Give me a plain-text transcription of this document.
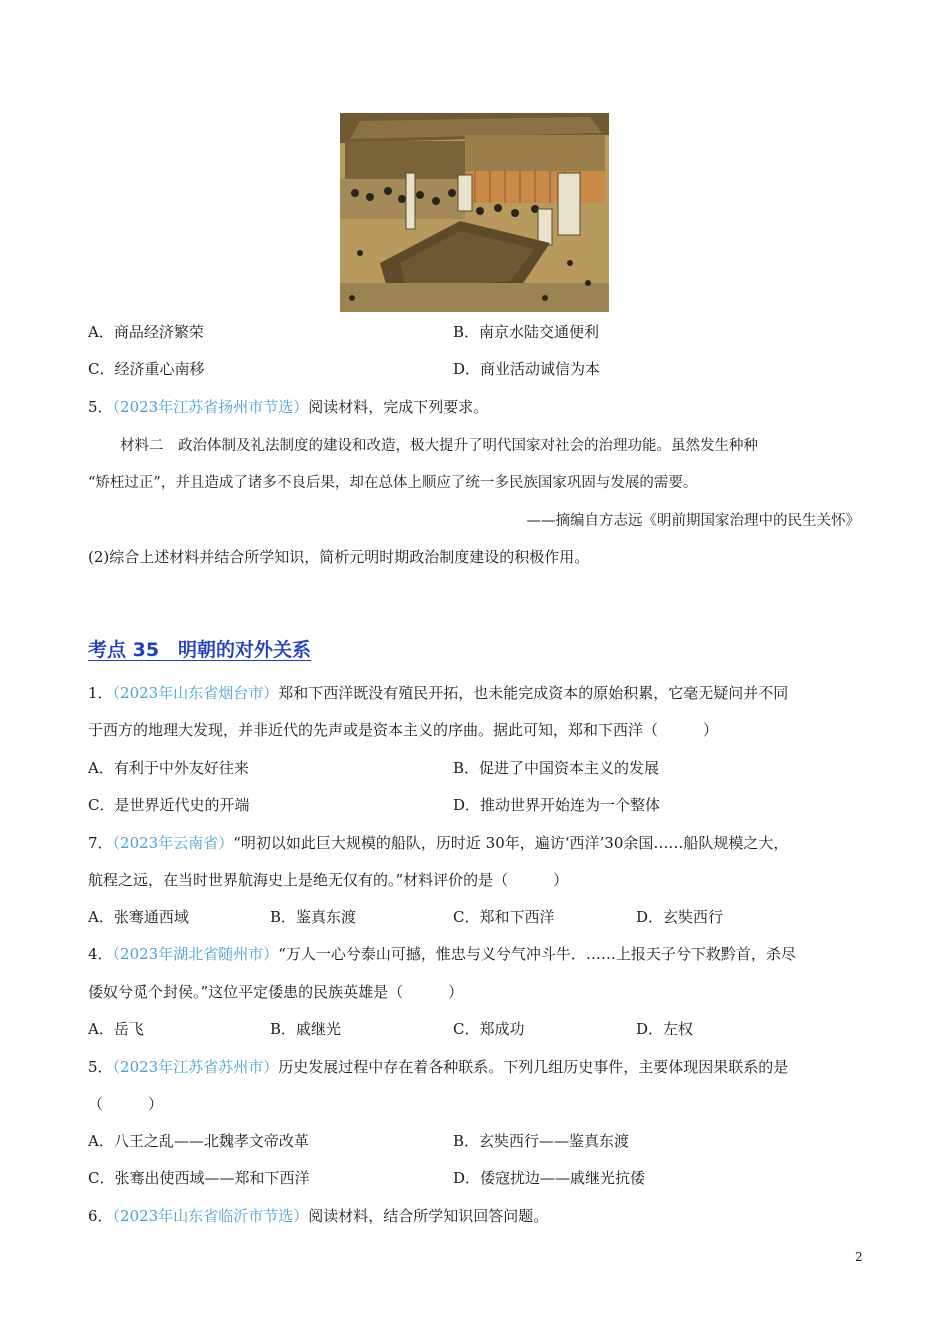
A．商品经济繁荣	B．南京水陆交通便利
C．经济重心南移	D．商业活动诚信为本
5．（2023年江苏省扬州市节选）阅读材料，完成下列要求。
材料二　政治体制及礼法制度的建设和改造，极大提升了明代国家对社会的治理功能。虽然发生种种
“矫枉过正”，并且造成了诸多不良后果，却在总体上顺应了统一多民族国家巩固与发展的需要。
——摘编自方志远《明前期国家治理中的民生关怀》
(2)综合上述材料并结合所学知识，简析元明时期政治制度建设的积极作用。
考点 35　明朝的对外关系
1．（2023年山东省烟台市）郑和下西洋既没有殖民开拓，也未能完成资本的原始积累，它毫无疑问并不同
于西方的地理大发现，并非近代的先声或是资本主义的序曲。据此可知，郑和下西洋（　　　）
A．有利于中外友好往来	B．促进了中国资本主义的发展
C．是世界近代史的开端	D．推动世界开始连为一个整体
7．（2023年云南省）“明初以如此巨大规模的船队，历时近 30年，遍访‘西洋’30余国……船队规模之大，
航程之远，在当时世界航海史上是绝无仅有的。”材料评价的是（　　　）
A．张骞通西域	B．鉴真东渡	C．郑和下西洋	D．玄奘西行
4．（2023年湖北省随州市）“万人一心兮泰山可撼，惟忠与义兮气冲斗牛．……上报天子兮下救黔首，杀尽
倭奴兮觅个封侯。”这位平定倭患的民族英雄是（　　　）
A．岳飞	B．戚继光	C．郑成功	D．左权
5．（2023年江苏省苏州市）历史发展过程中存在着各种联系。下列几组历史事件，主要体现因果联系的是
（　　　）
A．八王之乱——北魏孝文帝改革	B．玄奘西行——鉴真东渡
C．张骞出使西域——郑和下西洋	D．倭寇扰边——戚继光抗倭
6．（2023年山东省临沂市节选）阅读材料，结合所学知识回答问题。
2
